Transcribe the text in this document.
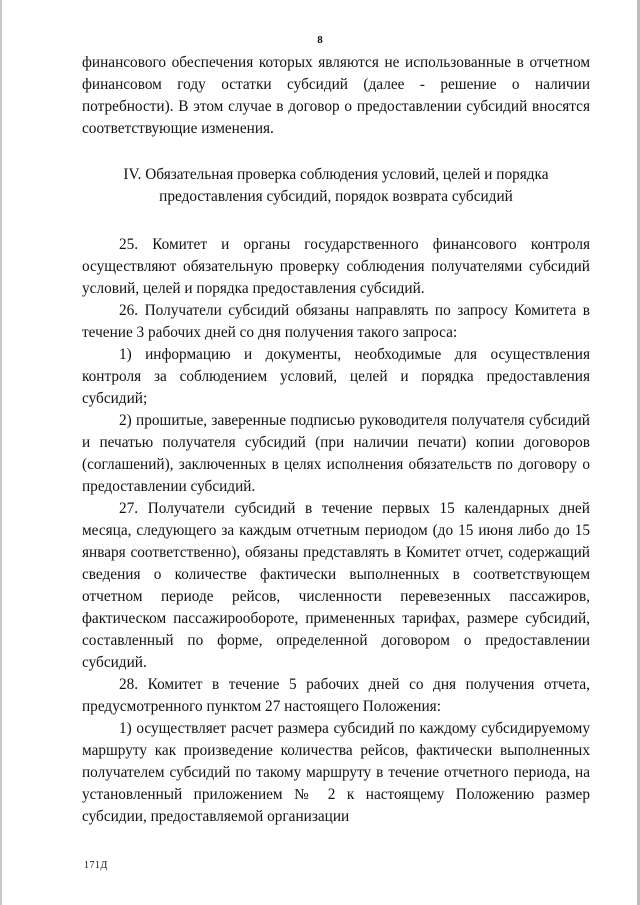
8

финансового обеспечения которых являются не использованные в отчетном финансовом году остатки субсидий (далее - решение о наличии потребности). В этом случае в договор о предоставлении субсидий вносятся соответствующие изменения.

IV. Обязательная проверка соблюдения условий, целей и порядка
предоставления субсидий, порядок возврата субсидий

25. Комитет и органы государственного финансового контроля осуществляют обязательную проверку соблюдения получателями субсидий условий, целей и порядка предоставления субсидий.

26. Получатели субсидий обязаны направлять по запросу Комитета в течение 3 рабочих дней со дня получения такого запроса:

1) информацию и документы, необходимые для осуществления контроля за соблюдением условий, целей и порядка предоставления субсидий;

2) прошитые, заверенные подписью руководителя получателя субсидий и печатью получателя субсидий (при наличии печати) копии договоров (соглашений), заключенных в целях исполнения обязательств по договору о предоставлении субсидий.

27. Получатели субсидий в течение первых 15 календарных дней месяца, следующего за каждым отчетным периодом (до 15 июня либо до 15 января соответственно), обязаны представлять в Комитет отчет, содержащий сведения о количестве фактически выполненных в соответствующем отчетном периоде рейсов, численности перевезенных пассажиров, фактическом пассажирообороте, примененных тарифах, размере субсидий, составленный по форме, определенной договором о предоставлении субсидий.

28. Комитет в течение 5 рабочих дней со дня получения отчета, предусмотренного пунктом 27 настоящего Положения:

1) осуществляет расчет размера субсидий по каждому субсидируемому маршруту как произведение количества рейсов, фактически выполненных получателем субсидий по такому маршруту в течение отчетного периода, на установленный приложением № 2 к настоящему Положению размер субсидии, предоставляемой организации

171Д
